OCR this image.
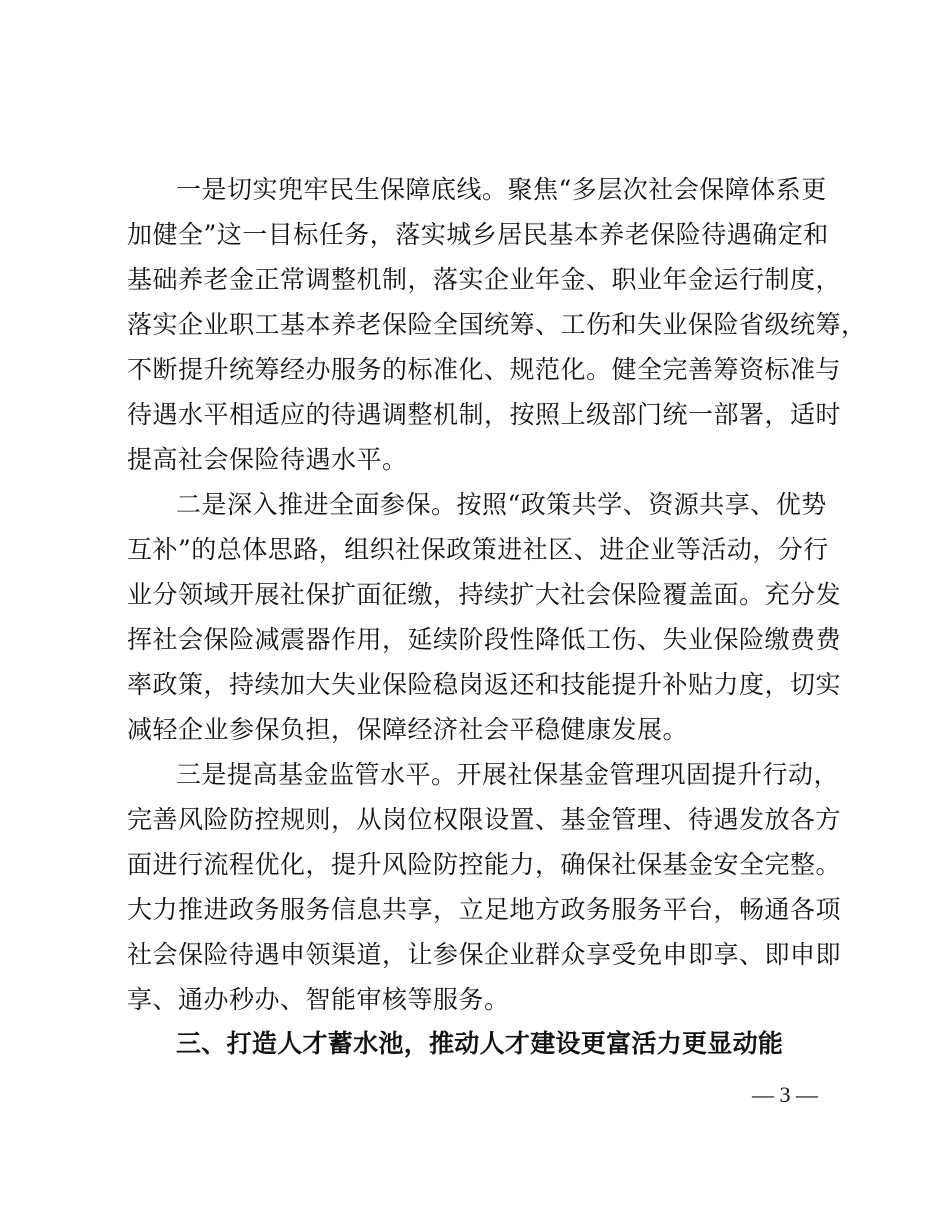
一是切实兜牢民生保障底线。聚焦“多层次社会保障体系更
加健全”这一目标任务，落实城乡居民基本养老保险待遇确定和
基础养老金正常调整机制，落实企业年金、职业年金运行制度，
落实企业职工基本养老保险全国统筹、工伤和失业保险省级统筹，
不断提升统筹经办服务的标准化、规范化。健全完善筹资标准与
待遇水平相适应的待遇调整机制，按照上级部门统一部署，适时
提高社会保险待遇水平。
二是深入推进全面参保。按照“政策共学、资源共享、优势
互补”的总体思路，组织社保政策进社区、进企业等活动，分行
业分领域开展社保扩面征缴，持续扩大社会保险覆盖面。充分发
挥社会保险减震器作用，延续阶段性降低工伤、失业保险缴费费
率政策，持续加大失业保险稳岗返还和技能提升补贴力度，切实
减轻企业参保负担，保障经济社会平稳健康发展。
三是提高基金监管水平。开展社保基金管理巩固提升行动，
完善风险防控规则，从岗位权限设置、基金管理、待遇发放各方
面进行流程优化，提升风险防控能力，确保社保基金安全完整。
大力推进政务服务信息共享，立足地方政务服务平台，畅通各项
社会保险待遇申领渠道，让参保企业群众享受免申即享、即申即
享、通办秒办、智能审核等服务。
三、打造人才蓄水池，推动人才建设更富活力更显动能
— 3 —
